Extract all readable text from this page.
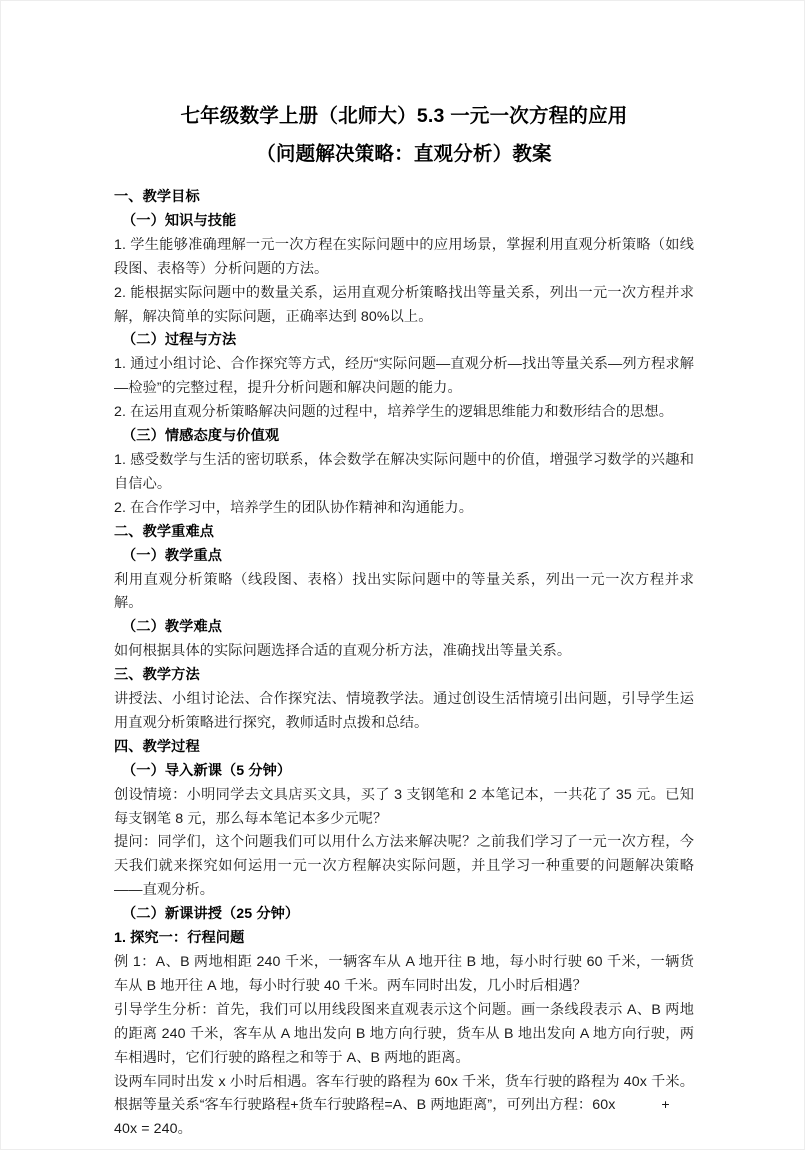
七年级数学上册（北师大）5.3 一元一次方程的应用
（问题解决策略：直观分析）教案

一、教学目标

（一）知识与技能

1. 学生能够准确理解一元一次方程在实际问题中的应用场景，掌握利用直观分析策略（如线段图、表格等）分析问题的方法。

2. 能根据实际问题中的数量关系，运用直观分析策略找出等量关系，列出一元一次方程并求解，解决简单的实际问题，正确率达到 80%以上。

（二）过程与方法

1. 通过小组讨论、合作探究等方式，经历“实际问题—直观分析—找出等量关系—列方程求解—检验”的完整过程，提升分析问题和解决问题的能力。

2. 在运用直观分析策略解决问题的过程中，培养学生的逻辑思维能力和数形结合的思想。

（三）情感态度与价值观

1. 感受数学与生活的密切联系，体会数学在解决实际问题中的价值，增强学习数学的兴趣和自信心。

2. 在合作学习中，培养学生的团队协作精神和沟通能力。

二、教学重难点

（一）教学重点

利用直观分析策略（线段图、表格）找出实际问题中的等量关系，列出一元一次方程并求解。

（二）教学难点

如何根据具体的实际问题选择合适的直观分析方法，准确找出等量关系。

三、教学方法

讲授法、小组讨论法、合作探究法、情境教学法。通过创设生活情境引出问题，引导学生运用直观分析策略进行探究，教师适时点拨和总结。

四、教学过程

（一）导入新课（5 分钟）

创设情境：小明同学去文具店买文具，买了 3 支钢笔和 2 本笔记本，一共花了 35 元。已知每支钢笔 8 元，那么每本笔记本多少元呢？

提问：同学们，这个问题我们可以用什么方法来解决呢？之前我们学习了一元一次方程，今天我们就来探究如何运用一元一次方程解决实际问题，并且学习一种重要的问题解决策略——直观分析。

（二）新课讲授（25 分钟）

1. 探究一：行程问题

例 1：A、B 两地相距 240 千米，一辆客车从 A 地开往 B 地，每小时行驶 60 千米，一辆货车从 B 地开往 A 地，每小时行驶 40 千米。两车同时出发，几小时后相遇？

引导学生分析：首先，我们可以用线段图来直观表示这个问题。画一条线段表示 A、B 两地的距离 240 千米，客车从 A 地出发向 B 地方向行驶，货车从 B 地出发向 A 地方向行驶，两车相遇时，它们行驶的路程之和等于 A、B 两地的距离。

设两车同时出发 x 小时后相遇。客车行驶的路程为 60x 千米，货车行驶的路程为 40x 千米。根据等量关系“客车行驶路程+货车行驶路程=A、B 两地距离”，可列出方程：60x	+

40x = 240。
